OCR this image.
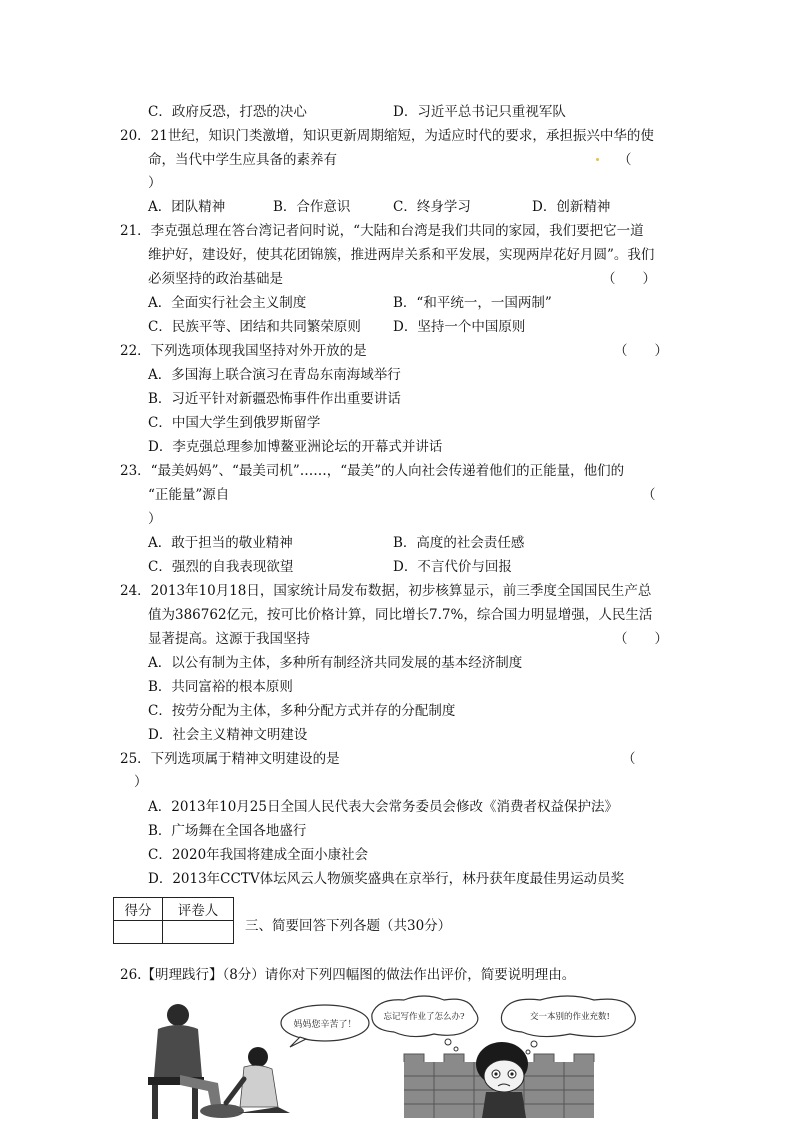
C．政府反恐，打恐的决心	D．习近平总书记只重视军队
20．21世纪，知识门类激增，知识更新周期缩短，为适应时代的要求，承担振兴中华的使
命，当代中学生应具备的素养有	（
）
A．团队精神	B．合作意识	C．终身学习	D．创新精神
21．李克强总理在答台湾记者问时说，“大陆和台湾是我们共同的家园，我们要把它一道
维护好，建设好，使其花团锦簇，推进两岸关系和平发展，实现两岸花好月圆”。我们
必须坚持的政治基础是	（　　）
A．全面实行社会主义制度	B．“和平统一，一国两制”
C．民族平等、团结和共同繁荣原则 D．坚持一个中国原则
22．下列选项体现我国坚持对外开放的是	（　　）
A．多国海上联合演习在青岛东南海域举行
B．习近平针对新疆恐怖事件作出重要讲话
C．中国大学生到俄罗斯留学
D．李克强总理参加博鳌亚洲论坛的开幕式并讲话
23．“最美妈妈”、“最美司机”……，“最美”的人向社会传递着他们的正能量，他们的
“正能量”源自	（
）
A．敢于担当的敬业精神	B．高度的社会责任感
C．强烈的自我表现欲望	D．不言代价与回报
24．2013年10月18日，国家统计局发布数据，初步核算显示，前三季度全国国民生产总
值为386762亿元，按可比价格计算，同比增长7.7%，综合国力明显增强，人民生活
显著提高。这源于我国坚持	（　　）
A．以公有制为主体，多种所有制经济共同发展的基本经济制度
B．共同富裕的根本原则
C．按劳分配为主体，多种分配方式并存的分配制度
D．社会主义精神文明建设
25．下列选项属于精神文明建设的是	（
）
A．2013年10月25日全国人民代表大会常务委员会修改《消费者权益保护法》
B．广场舞在全国各地盛行
C．2020年我国将建成全面小康社会
D．2013年CCTV体坛风云人物颁奖盛典在京举行，林丹获年度最佳男运动员奖
得分	评卷人

三、简要回答下列各题（共30分）
26.【明理践行】（8分）请你对下列四幅图的做法作出评价，简要说明理由。
妈妈您辛苦了！
忘记写作业了怎么办?	交一本别的作业充数!
